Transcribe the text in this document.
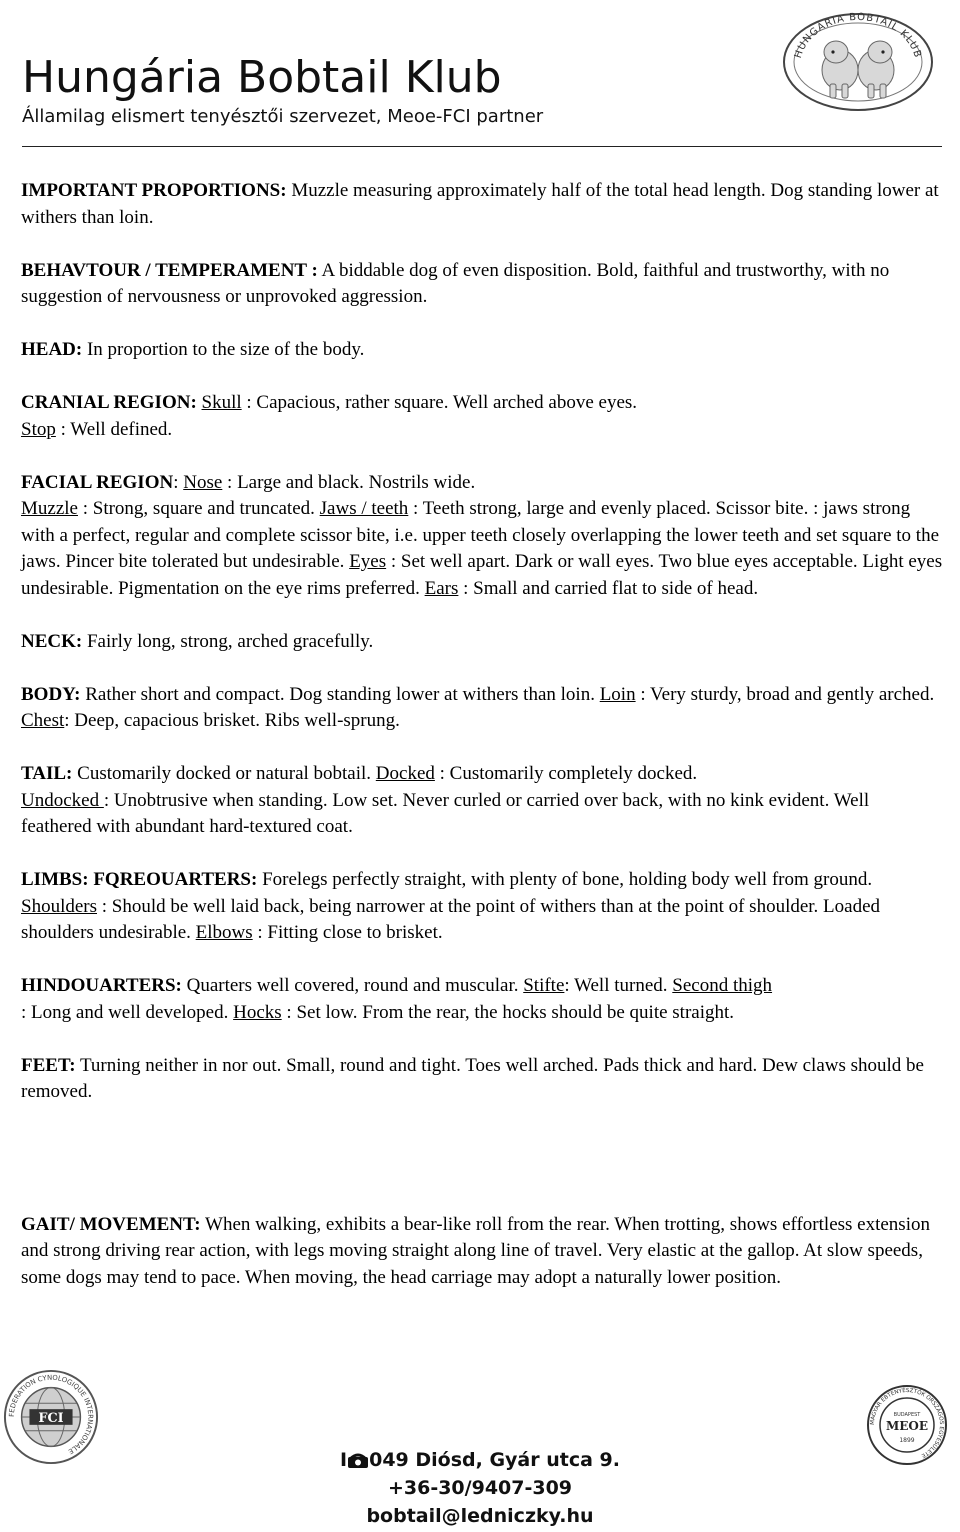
Hungária Bobtail Klub
Államilag elismert tenyésztői szervezet, Meoe-FCI partner
HUNGÁRIA BOBTAIL KLUB

IMPORTANT PROPORTIONS: Muzzle measuring approximately half of the total head length. Dog standing lower at withers than loin.

BEHAVTOUR / TEMPERAMENT : A biddable dog of even disposition. Bold, faithful and trustworthy, with no suggestion of nervousness or unprovoked aggression.

HEAD: In proportion to the size of the body.

CRANIAL REGION: Skull : Capacious, rather square. Well arched above eyes.
Stop : Well defined.

FACIAL REGION: Nose : Large and black. Nostrils wide.
Muzzle : Strong, square and truncated. Jaws / teeth : Teeth strong, large and evenly placed. Scissor bite. : jaws strong with a perfect, regular and complete scissor bite, i.e. upper teeth closely overlapping the lower teeth and set square to the jaws. Pincer bite tolerated but undesirable. Eyes : Set well apart. Dark or wall eyes. Two blue eyes acceptable. Light eyes undesirable. Pigmentation on the eye rims preferred. Ears : Small and carried flat to side of head.

NECK: Fairly long, strong, arched gracefully.

BODY: Rather short and compact. Dog standing lower at withers than loin. Loin : Very sturdy, broad and gently arched. Chest: Deep, capacious brisket. Ribs well-sprung.

TAIL: Customarily docked or natural bobtail. Docked : Customarily completely docked.
Undocked : Unobtrusive when standing. Low set. Never curled or carried over back, with no kink evident. Well feathered with abundant hard-textured coat.

LIMBS: FQREOUARTERS: Forelegs perfectly straight, with plenty of bone, holding body well from ground. Shoulders : Should be well laid back, being narrower at the point of withers than at the point of shoulder. Loaded shoulders undesirable. Elbows : Fitting close to brisket.

HINDOUARTERS: Quarters well covered, round and muscular. Stifte: Well turned. Second thigh
: Long and well developed. Hocks : Set low. From the rear, the hocks should be quite straight.

FEET: Turning neither in nor out. Small, round and tight. Toes well arched. Pads thick and hard. Dew claws should be removed.

GAIT/ MOVEMENT: When walking, exhibits a bear-like roll from the rear. When trotting, shows effortless extension and strong driving rear action, with legs moving straight along line of travel. Very elastic at the gallop. At slow speeds, some dogs may tend to pace. When moving, the head carriage may adopt a naturally lower position.

FEDERATION CYNOLOGIQUE INTERNATIONALE
FCI	MAGYAR EBTENYÉSZTŐK ORSZÁGOS EGYESÜLETE
BUDAPEST
MEOE
1899
I 049 Diósd, Gyár utca 9.
+36-30/9407-309
bobtail@ledniczky.hu
